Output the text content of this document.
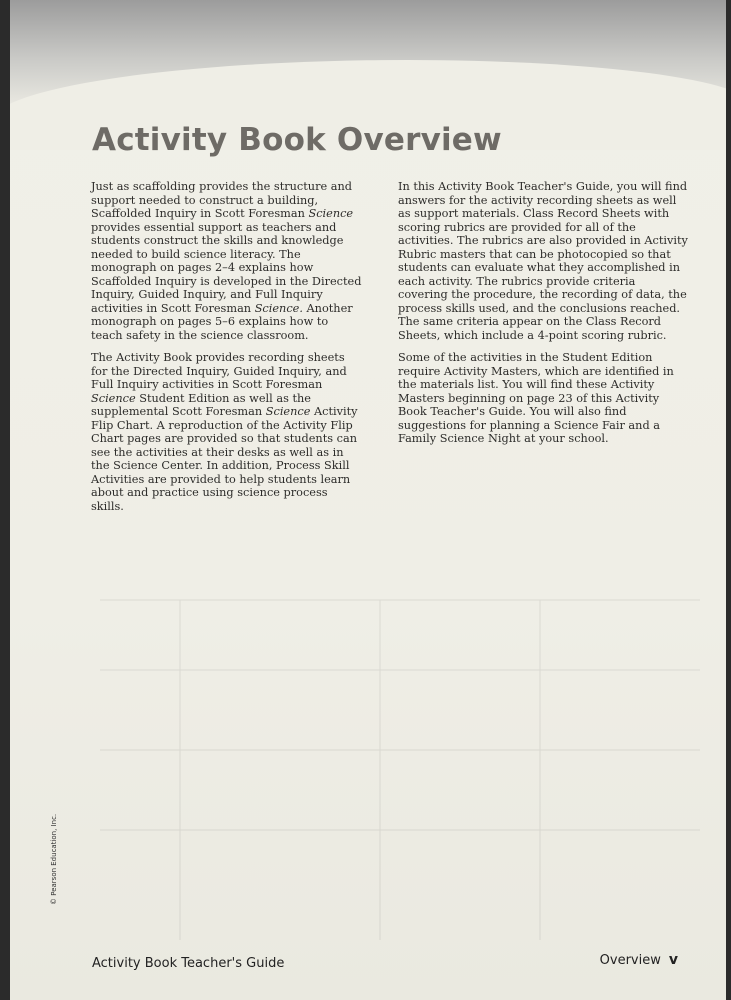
Activity Book Overview

Just as scaffolding provides the structure and support needed to construct a building, Scaffolded Inquiry in Scott Foresman Science provides essential support as teachers and students construct the skills and knowledge needed to build science literacy. The monograph on pages 2–4 explains how Scaffolded Inquiry is developed in the Directed Inquiry, Guided Inquiry, and Full Inquiry activities in Scott Foresman Science. Another monograph on pages 5–6 explains how to teach safety in the science classroom.

The Activity Book provides recording sheets for the Directed Inquiry, Guided Inquiry, and Full Inquiry activities in Scott Foresman Science Student Edition as well as the supplemental Scott Foresman Science Activity Flip Chart. A reproduction of the Activity Flip Chart pages are provided so that students can see the activities at their desks as well as in the Science Center. In addition, Process Skill Activities are provided to help students learn about and practice using science process skills.

In this Activity Book Teacher's Guide, you will find answers for the activity recording sheets as well as support materials. Class Record Sheets with scoring rubrics are provided for all of the activities. The rubrics are also provided in Activity Rubric masters that can be photocopied so that students can evaluate what they accomplished in each activity. The rubrics provide criteria covering the procedure, the recording of data, the process skills used, and the conclusions reached. The same criteria appear on the Class Record Sheets, which include a 4-point scoring rubric.

Some of the activities in the Student Edition require Activity Masters, which are identified in the materials list. You will find these Activity Masters beginning on page 23 of this Activity Book Teacher's Guide. You will also find suggestions for planning a Science Fair and a Family Science Night at your school.

© Pearson Education, Inc.
Activity Book Teacher's Guide	Overview v
